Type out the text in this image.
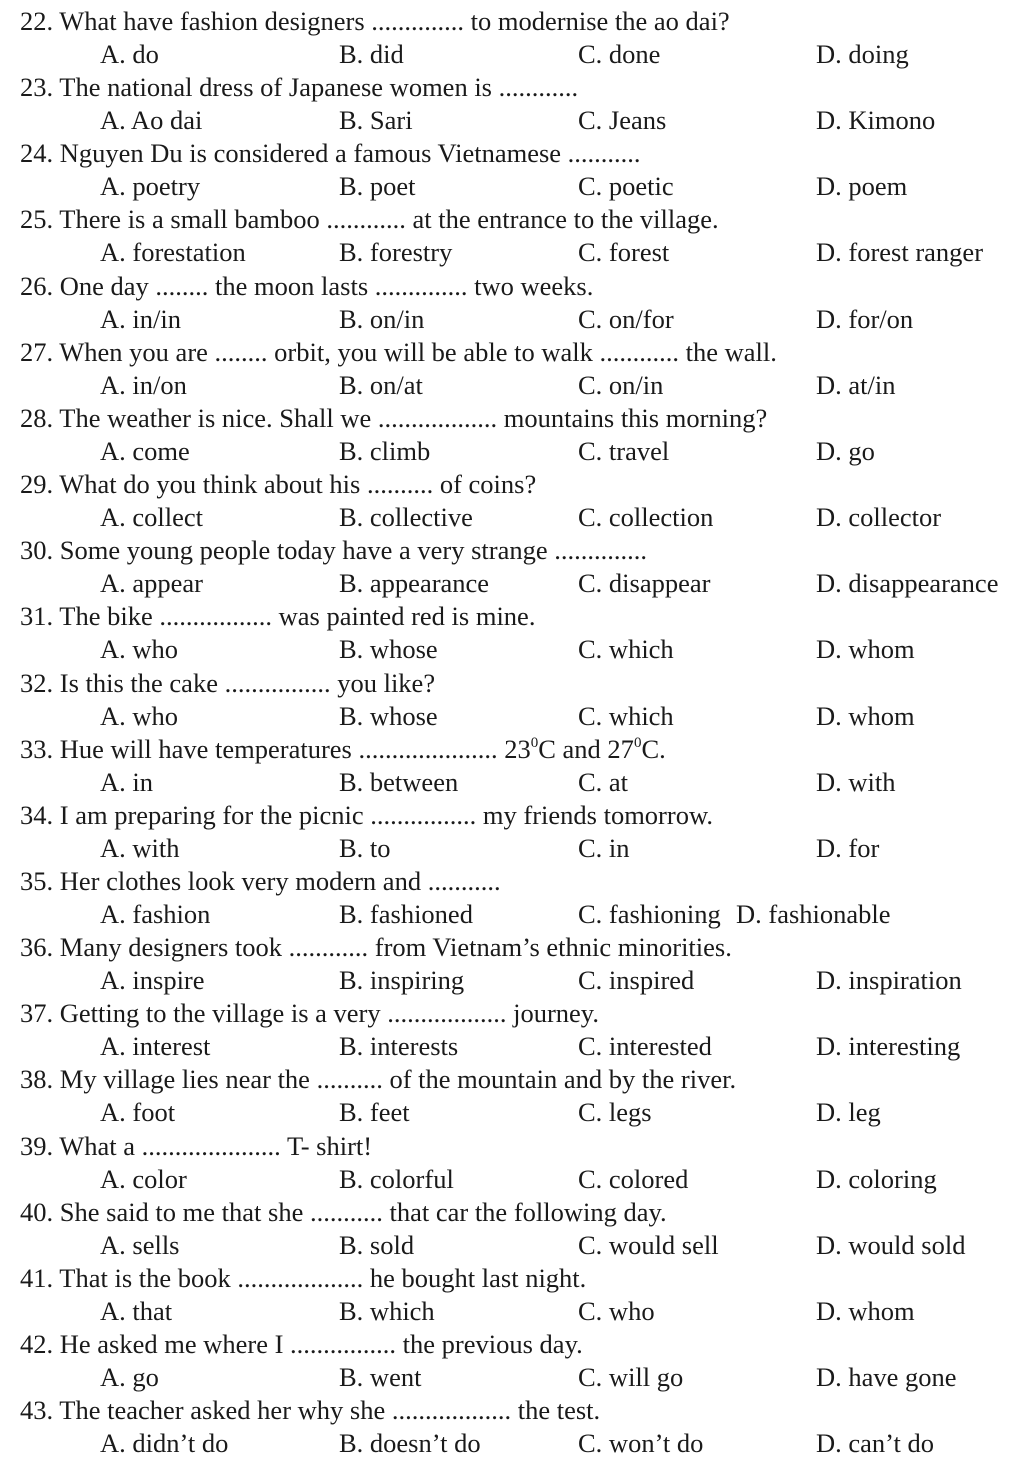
22. What have fashion designers .............. to modernise the ao dai?
A. do	B. did	C. done	D. doing
23. The national dress of Japanese women is ............
A. Ao dai	B. Sari	C. Jeans	D. Kimono
24. Nguyen Du is considered a famous Vietnamese ...........
A. poetry	B. poet	C. poetic	D. poem
25. There is a small bamboo ............ at the entrance to the village.
A. forestation	B. forestry	C. forest	D. forest ranger
26. One day ........ the moon lasts .............. two weeks.
A. in/in	B. on/in	C. on/for	D. for/on
27. When you are ........ orbit, you will be able to walk ............ the wall.
A. in/on	B. on/at	C. on/in	D. at/in
28. The weather is nice. Shall we .................. mountains this morning?
A. come	B. climb	C. travel	D. go
29. What do you think about his .......... of coins?
A. collect	B. collective	C. collection	D. collector
30. Some young people today have a very strange ..............
A. appear	B. appearance	C. disappear	D. disappearance
31. The bike ................. was painted red is mine.
A. who	B. whose	C. which	D. whom
32. Is this the cake ................ you like?
A. who	B. whose	C. which	D. whom
33. Hue will have temperatures ..................... $23^0C$ and $27^0C$.
A. in	B. between	C. at	D. with
34. I am preparing for the picnic ................ my friends tomorrow.
A. with	B. to	C. in	D. for
35. Her clothes look very modern and ...........
A. fashion	B. fashioned	C. fashioning D. fashionable
36. Many designers took ............ from Vietnam’s ethnic minorities.
A. inspire	B. inspiring	C. inspired	D. inspiration
37. Getting to the village is a very .................. journey.
A. interest	B. interests	C. interested	D. interesting
38. My village lies near the .......... of the mountain and by the river.
A. foot	B. feet	C. legs	D. leg
39. What a ..................... T- shirt!
A. color	B. colorful	C. colored	D. coloring
40. She said to me that she ........... that car the following day.
A. sells	B. sold	C. would sell	D. would sold
41. That is the book ................... he bought last night.
A. that	B. which	C. who	D. whom
42. He asked me where I ................ the previous day.
A. go	B. went	C. will go	D. have gone
43. The teacher asked her why she .................. the test.
A. didn’t do	B. doesn’t do	C. won’t do	D. can’t do
